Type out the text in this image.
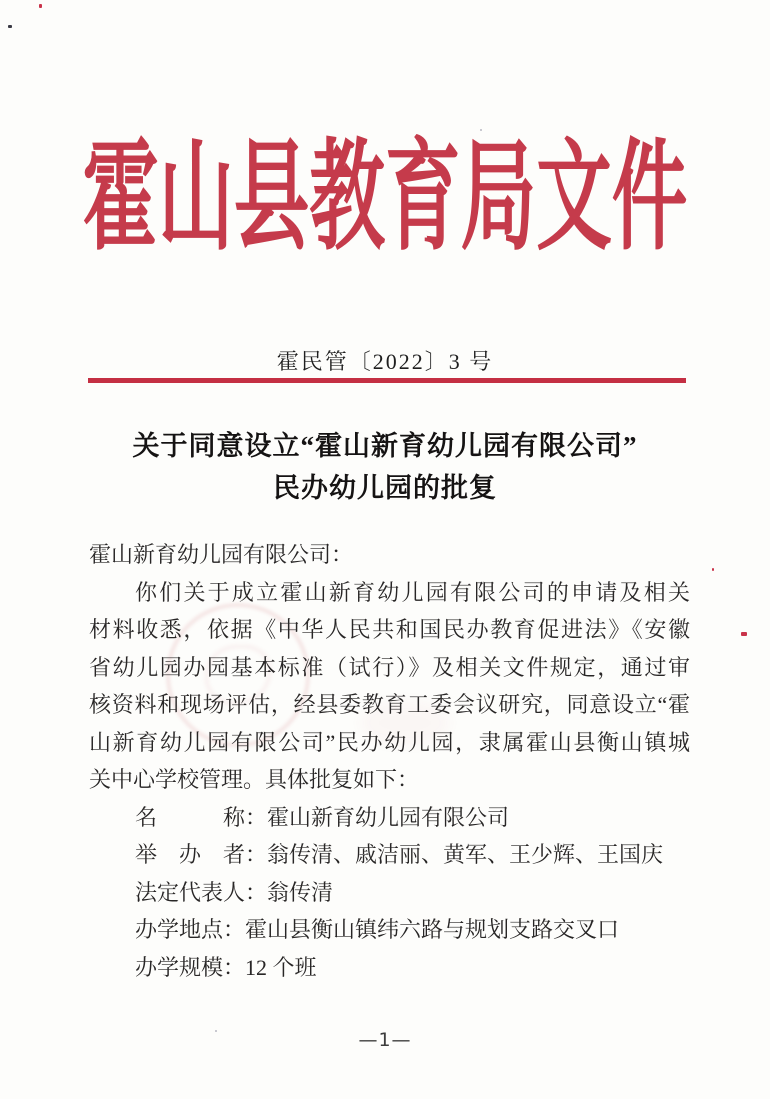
霍山县教育局文件
霍民管〔2022〕3 号
关于同意设立“霍山新育幼儿园有限公司”
民办幼儿园的批复
霍山新育幼儿园有限公司：
你们关于成立霍山新育幼儿园有限公司的申请及相关
材料收悉，依据《中华人民共和国民办教育促进法》《安徽
省幼儿园办园基本标准（试行）》及相关文件规定，通过审
核资料和现场评估，经县委教育工委会议研究，同意设立“霍
山新育幼儿园有限公司”民办幼儿园，隶属霍山县衡山镇城
关中心学校管理。具体批复如下：
名　　　称：霍山新育幼儿园有限公司
举　办　者：翁传清、戚洁丽、黄军、王少辉、王国庆
法定代表人：翁传清
办学地点：霍山县衡山镇纬六路与规划支路交叉口
办学规模：12 个班
—1—
